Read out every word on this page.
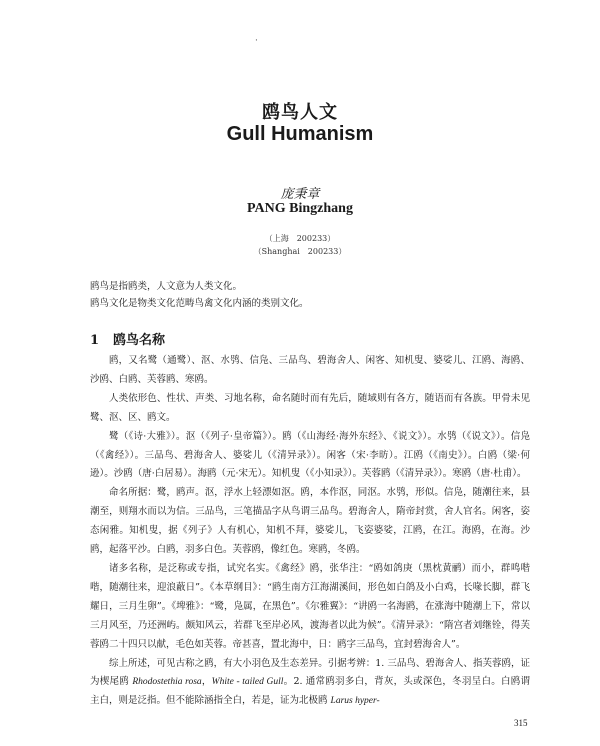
·
鸥鸟人文
Gull Humanism
庞秉章
PANG Bingzhang
（上海　200233）
（Shanghai　200233）
鸥鸟是指鸥类，人文意为人类文化。
鸥鸟文化是物类文化范畴鸟禽文化内涵的类别文化。
1 鸥鸟名称

鸥，又名鹭（通鹭）、沤、水鸮、信凫、三品鸟、碧海舍人、闲客、知机叟、婆娑儿、江鸥、海鸥、沙鸥、白鸥、芙蓉鸥、寒鸥。

人类依形色、性状、声类、习地名称，命名随时而有先后，随域则有各方，随语而有各族。甲骨未见鹭、沤、区、鸥文。

鹭（《诗·大雅》）。沤（《列子·皇帝篇》）。鸥（《山海经·海外东经》、《说文》）。水鸮（《说文》）。信凫（《禽经》）。三品鸟、碧海舍人、婆娑儿（《清异录》）。闲客（宋·李昉）。江鸥（《南史》）。白鸥（梁·何逊）。沙鸥（唐·白居易）。海鸥（元·宋无）。知机叟（《小知录》）。芙蓉鸥（《清异录》）。寒鸥（唐·杜甫）。

命名所据：鹭，鸥声。沤，浮水上轻漂如沤。鸥，本作沤，同沤。水鸮，形似。信凫，随潮往来，县潮至，则翔水而以为信。三品鸟，三笔描品字从鸟谓三品鸟。碧海舍人，隋帝封赏，舍人官名。闲客，姿态闲雅。知机叟，据《列子》人有机心，知机不拜，婆娑儿，飞姿婆娑，江鸥，在江。海鸥，在海。沙鸥，起落平沙。白鸥，羽多白色。芙蓉鸥，像红色。寒鸥，冬鸥。

诸多名称，是泛称或专指，试究名实。《禽经》鸥，张华注：“鸥如鸽庚（黑枕黄鹂）而小，群鸣喈喈，随潮往来，迎浪蔽日”。《本草纲目》：“鸥生南方江海湖溪间，形色如白鸽及小白鸡，长喙长脚，群飞耀日，三月生卵”。《埤雅》：“鹭，凫属，在黑色”。《尔雅翼》：“讲鸥一名海鸥，在涨海中随潮上下，常以三月风至，乃还洲屿。颇知风云，若群飞至岸必风，渡海者以此为候”。《清异录》：“隋宫者刘继铨，得芙蓉鸥二十四只以献，毛色如芙蓉。帝甚喜，置北海中，日：鸥字三品鸟，宜封碧海舍人”。

综上所述，可见古称之鸥，有大小羽色及生态差异。引据考辨：1. 三品鸟、碧海舍人、指芙蓉鸥，证为楔尾鸥 Rhodostethia rosa，White - tailed Gull。2. 通常鸥羽多白，背灰，头或深色，冬羽呈白。白鸥谓主白，则是泛指。但不能除涵指全白，若是，证为北极鸥 Larus hyper-

315
